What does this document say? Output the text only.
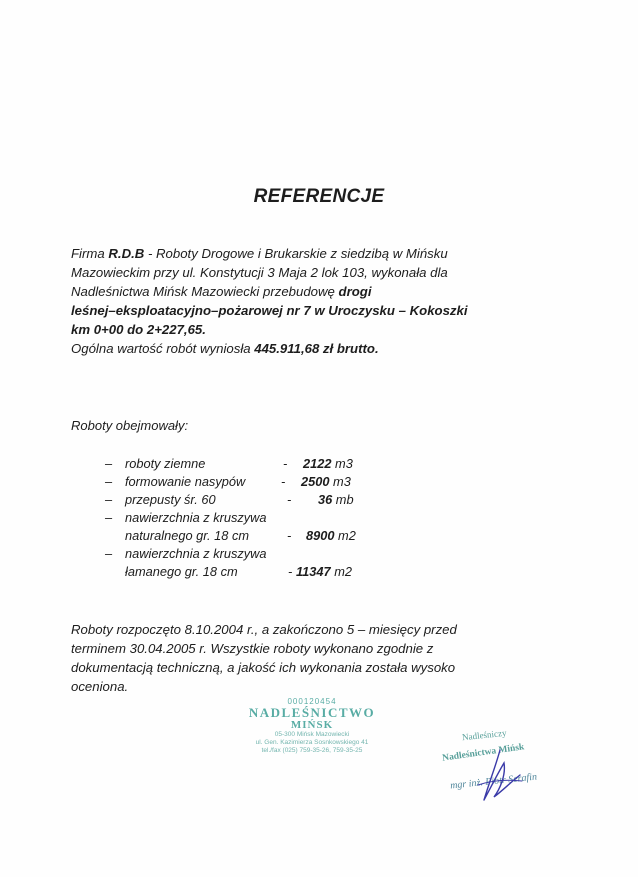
REFERENCJE
Firma R.D.B - Roboty Drogowe i Brukarskie z siedzibą w Mińsku
Mazowieckim przy ul. Konstytucji 3 Maja 2 lok 103, wykonała dla
Nadleśnictwa Mińsk Mazowiecki przebudowę drogi
leśnej–eksploatacyjno–pożarowej nr 7 w Uroczysku – Kokoszki
km 0+00 do 2+227,65.
Ogólna wartość robót wyniosła 445.911,68 zł brutto.
Roboty obejmowały:
– roboty ziemne	- 2122 m3
– formowanie nasypów	- 2500 m3
– przepusty śr. 60	- 36 mb
– nawierzchnia z kruszywa
naturalnego gr. 18 cm	- 8900 m2
– nawierzchnia z kruszywa
łamanego gr. 18 cm	- 11347 m2
Roboty rozpoczęto 8.10.2004 r., a zakończono 5 – miesięcy przed
terminem 30.04.2005 r. Wszystkie roboty wykonano zgodnie z
dokumentacją techniczną, a jakość ich wykonania została wysoko
oceniona.
000120454
NADLEŚNICTWO
MIŃSK
05-300 Mińsk Mazowiecki
ul. Gen. Kazimierza Sosnkowskiego 41
tel./fax (025) 759-35-26, 759-35-25
Nadleśniczy
Nadleśnictwa Mińsk
mgr inż. Piotr Serafin
